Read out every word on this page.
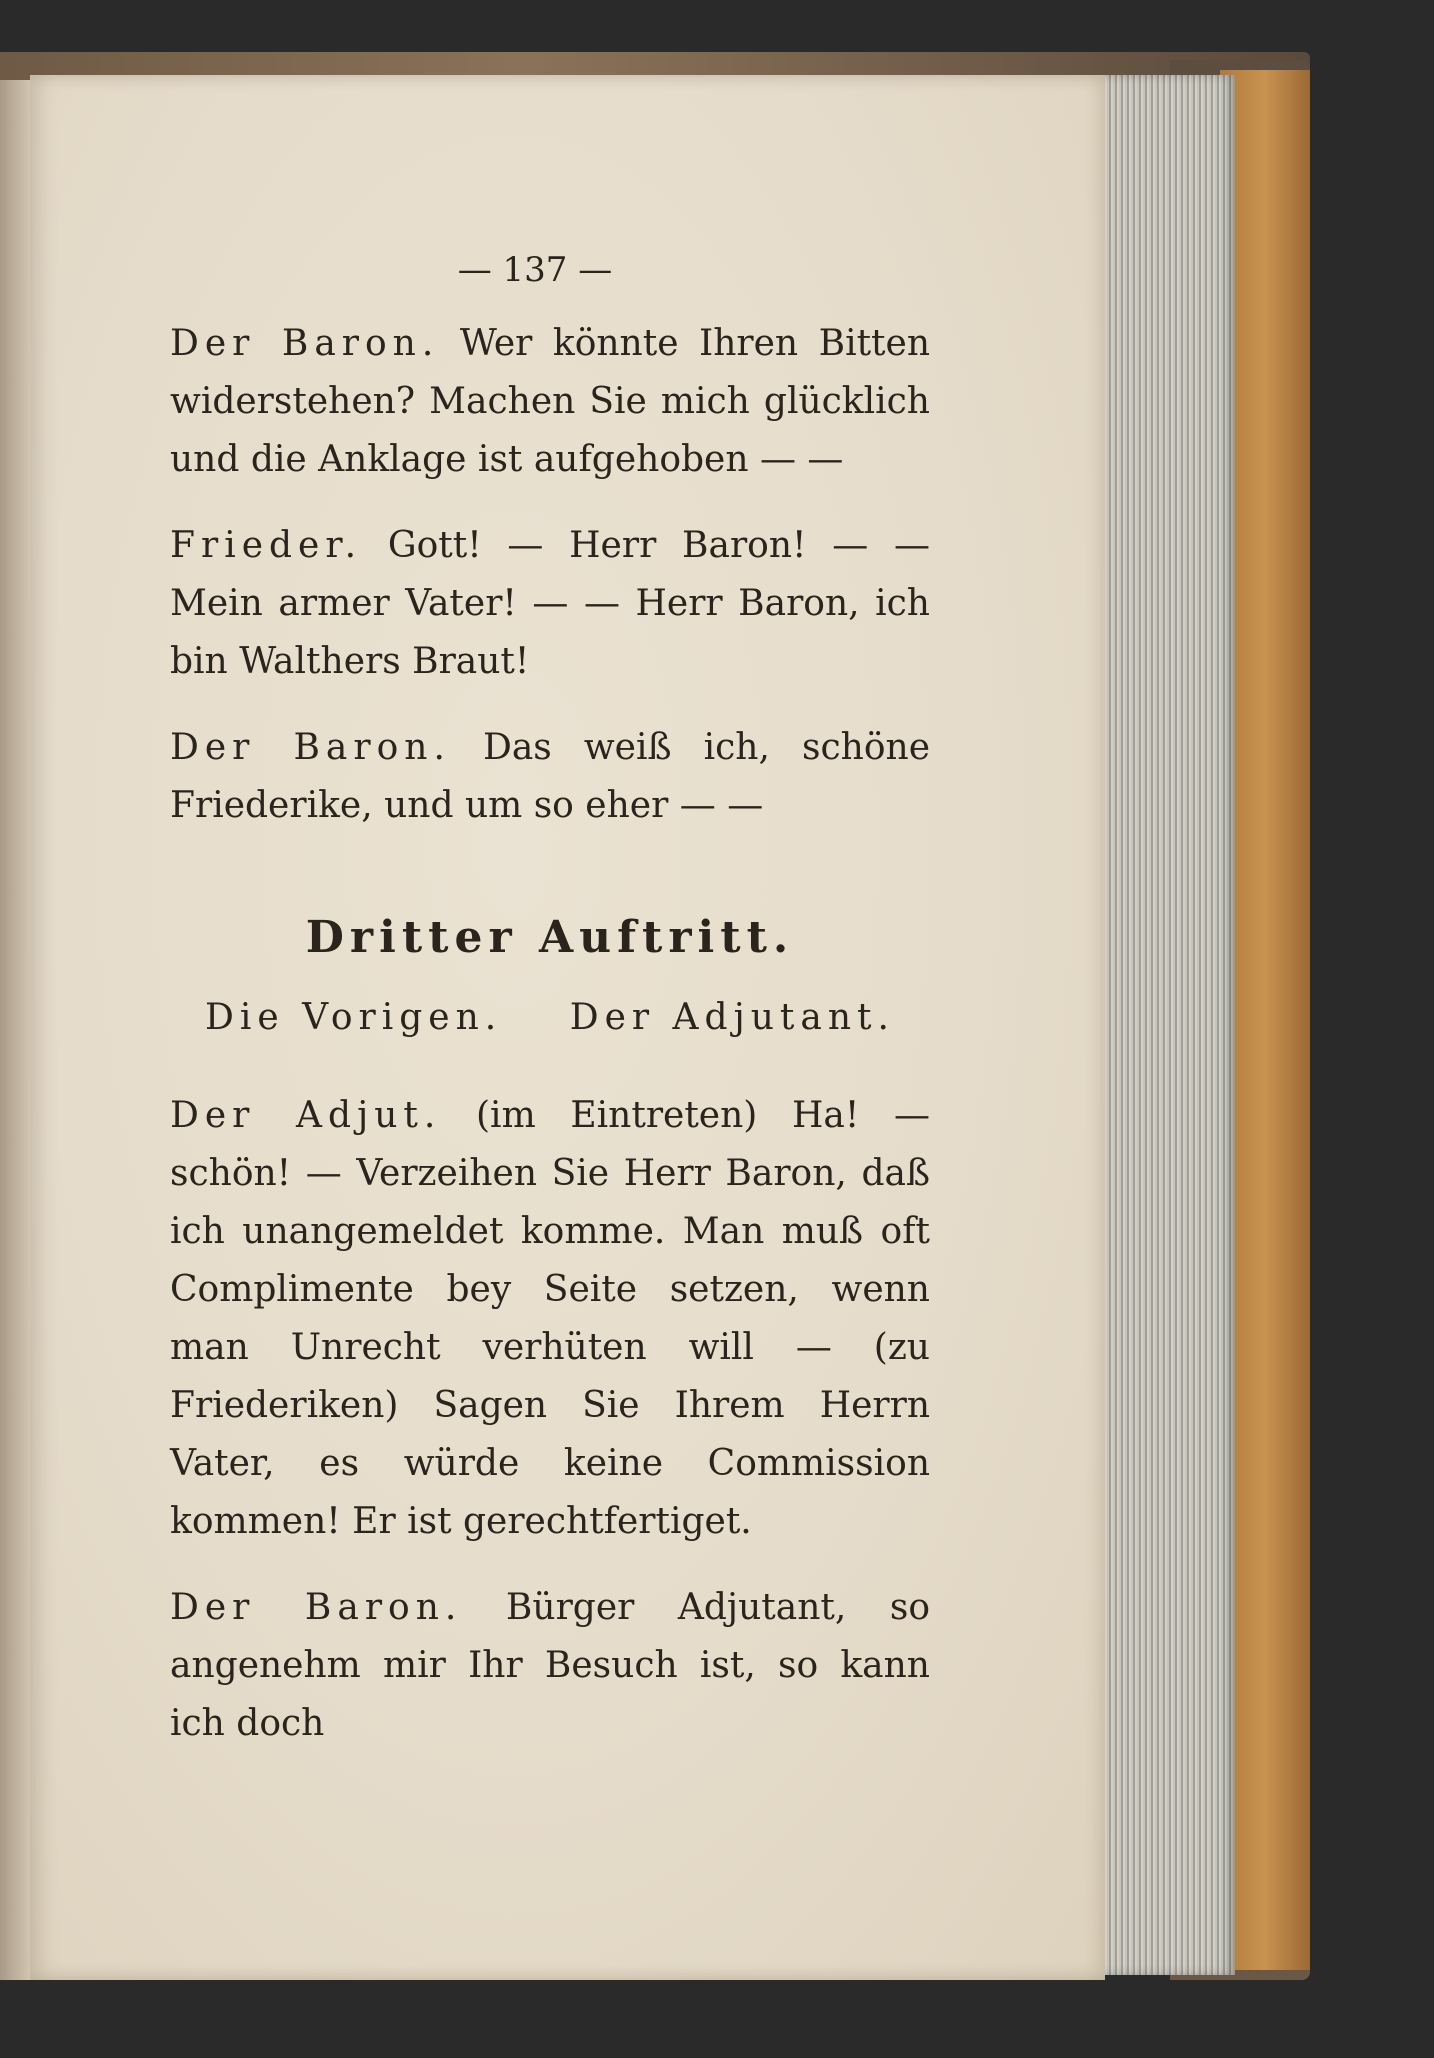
— 137 —

Der Baron. Wer könnte Ihren Bitten widerstehen? Machen Sie mich glücklich und die Anklage ist aufgehoben — —

Frieder. Gott! — Herr Baron! — — Mein armer Vater! — — Herr Baron, ich bin Walthers Braut!

Der Baron. Das weiß ich, schöne Friederike, und um so eher — —

Dritter Auftritt.
Die Vorigen. Der Adjutant.

Der Adjut. (im Eintreten) Ha! — schön! — Verzeihen Sie Herr Baron, daß ich unangemeldet komme. Man muß oft Complimente bey Seite setzen, wenn man Unrecht verhüten will — (zu Friederiken) Sagen Sie Ihrem Herrn Vater, es würde keine Commission kommen! Er ist gerechtfertiget.

Der Baron. Bürger Adjutant, so angenehm mir Ihr Besuch ist, so kann ich doch
